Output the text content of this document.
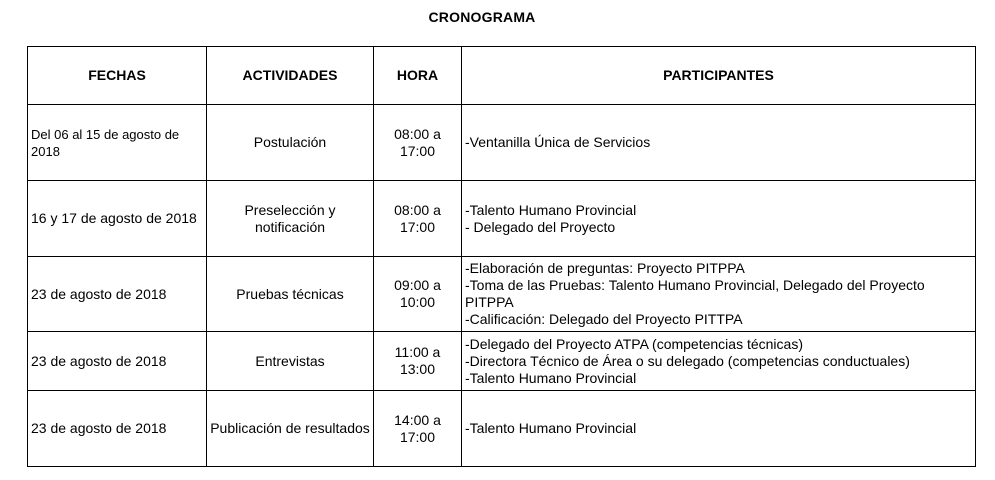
CRONOGRAMA
FECHAS	ACTIVIDADES	HORA	PARTICIPANTES
Del 06 al 15 de agosto de 2018	Postulación	08:00 a 17:00	-Ventanilla Única de Servicios

16 y 17 de agosto de 2018	Preselección y notificación	08:00 a 17:00	-Talento Humano Provincial
- Delegado del Proyecto

23 de agosto de 2018	Pruebas técnicas	09:00 a 10:00	-Elaboración de preguntas: Proyecto PITPPA
-Toma de las Pruebas: Talento Humano Provincial, Delegado del Proyecto PITPPA
-Calificación: Delegado del Proyecto PITTPA

23 de agosto de 2018	Entrevistas	11:00 a 13:00	-Delegado del Proyecto ATPA (competencias técnicas)
-Directora Técnico de Área o su delegado (competencias conductuales)
-Talento Humano Provincial

23 de agosto de 2018	Publicación de resultados	14:00 a 17:00	-Talento Humano Provincial
